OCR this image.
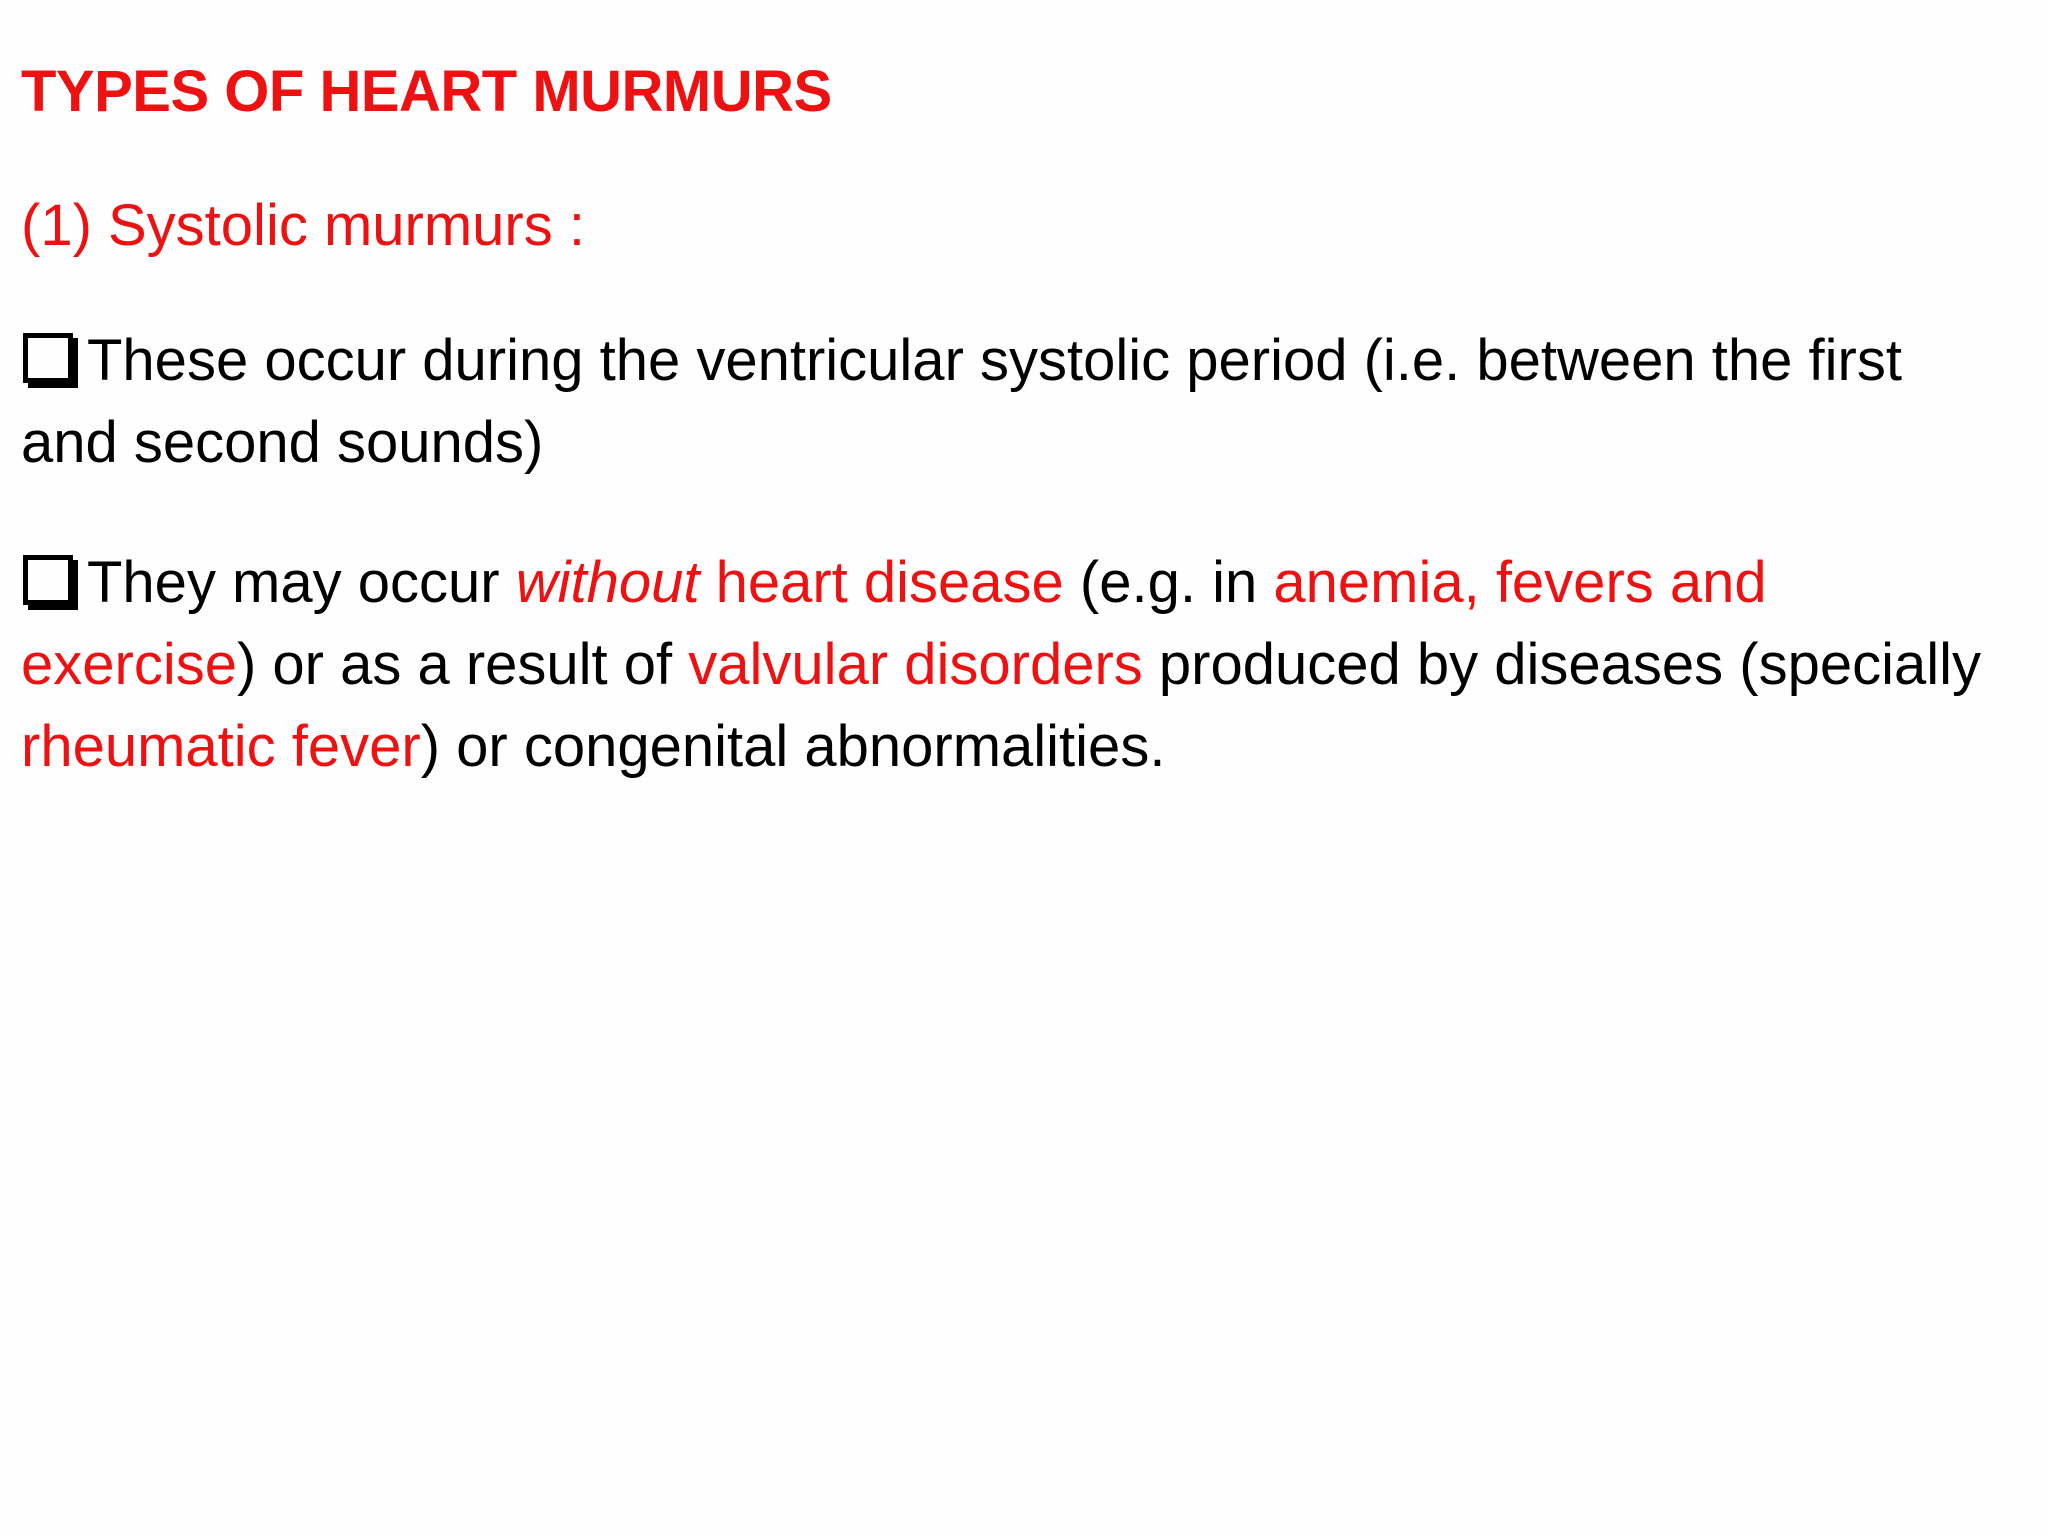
TYPES OF HEART MURMURS
(1) Systolic murmurs :

These occur during the ventricular systolic period (i.e. between the first and second sounds)

They may occur without heart disease (e.g. in anemia, fevers and exercise) or as a result of valvular disorders produced by diseases (specially rheumatic fever) or congenital abnormalities.
